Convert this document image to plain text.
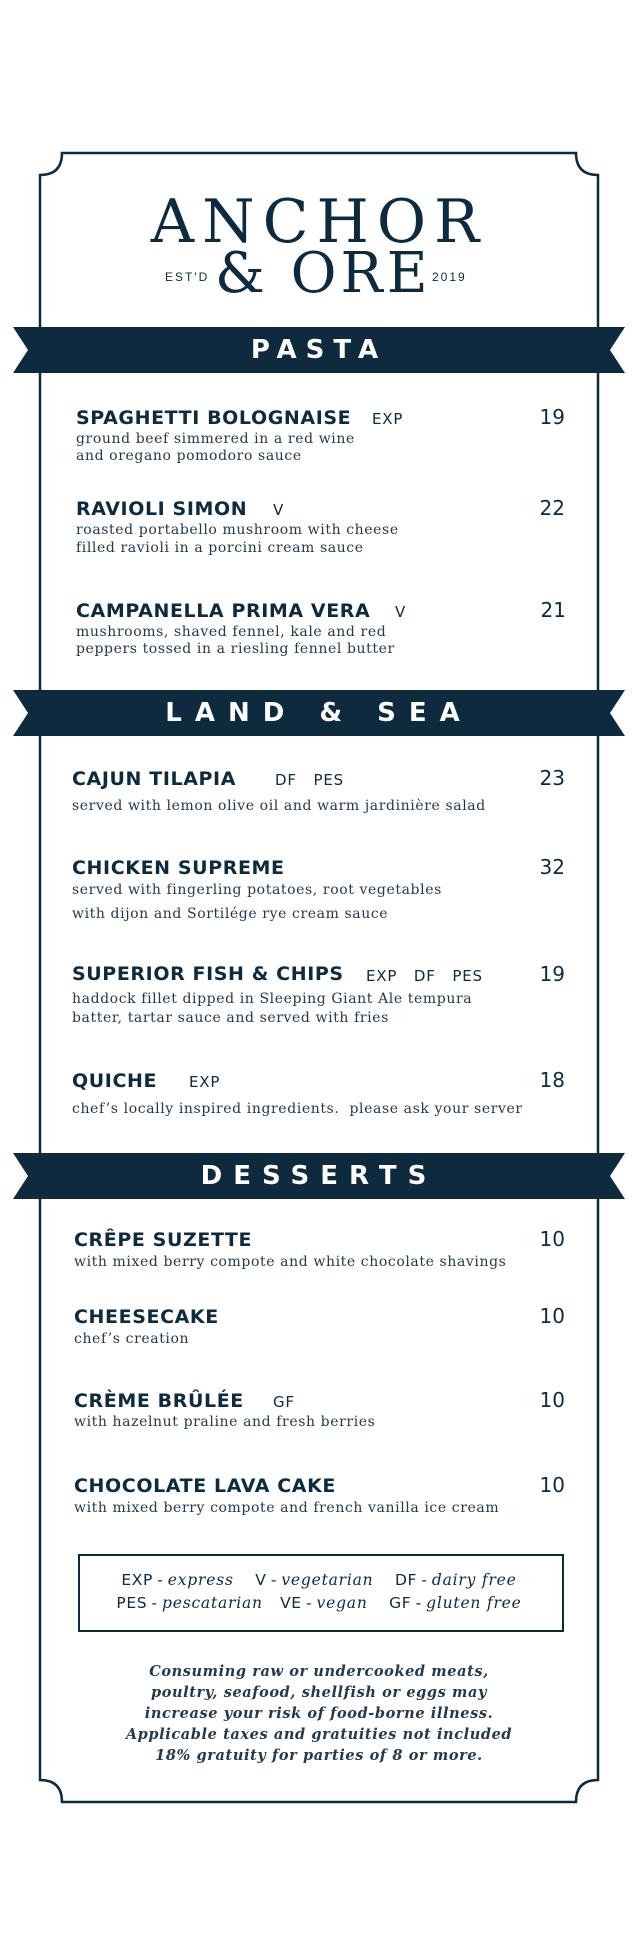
ANCHOR
EST'D & ORE 2019
PASTA
LAND & SEA
DESSERTS
SPAGHETTI BOLOGNAISE EXP	19
ground beef simmered in a red wine
and oregano pomodoro sauce
RAVIOLI SIMON V	22
roasted portabello mushroom with cheese
filled ravioli in a porcini cream sauce
CAMPANELLA PRIMA VERA V	21
mushrooms, shaved fennel, kale and red
peppers tossed in a riesling fennel butter
CAJUN TILAPIA	DF   PES	23
served with lemon olive oil and warm jardinière salad
CHICKEN SUPREME	32
served with fingerling potatoes, root vegetables
with dijon and Sortilége rye cream sauce
SUPERIOR FISH & CHIPS EXP   DF   PES	19
haddock fillet dipped in Sleeping Giant Ale tempura
batter, tartar sauce and served with fries
QUICHE EXP	18
chef’s locally inspired ingredients.  please ask your server
CRÊPE SUZETTE	10
with mixed berry compote and white chocolate shavings
CHEESECAKE	10
chef’s creation
CRÈME BRÛLÉE GF	10
with hazelnut praline and fresh berries
CHOCOLATE LAVA CAKE	10
with mixed berry compote and french vanilla ice cream
EXP - express V - vegetarian DF - dairy free
PES - pescatarian VE - vegan GF - gluten free
Consuming raw or undercooked meats,
poultry, seafood, shellfish or eggs may
increase your risk of food-borne illness.
Applicable taxes and gratuities not included
18% gratuity for parties of 8 or more.
